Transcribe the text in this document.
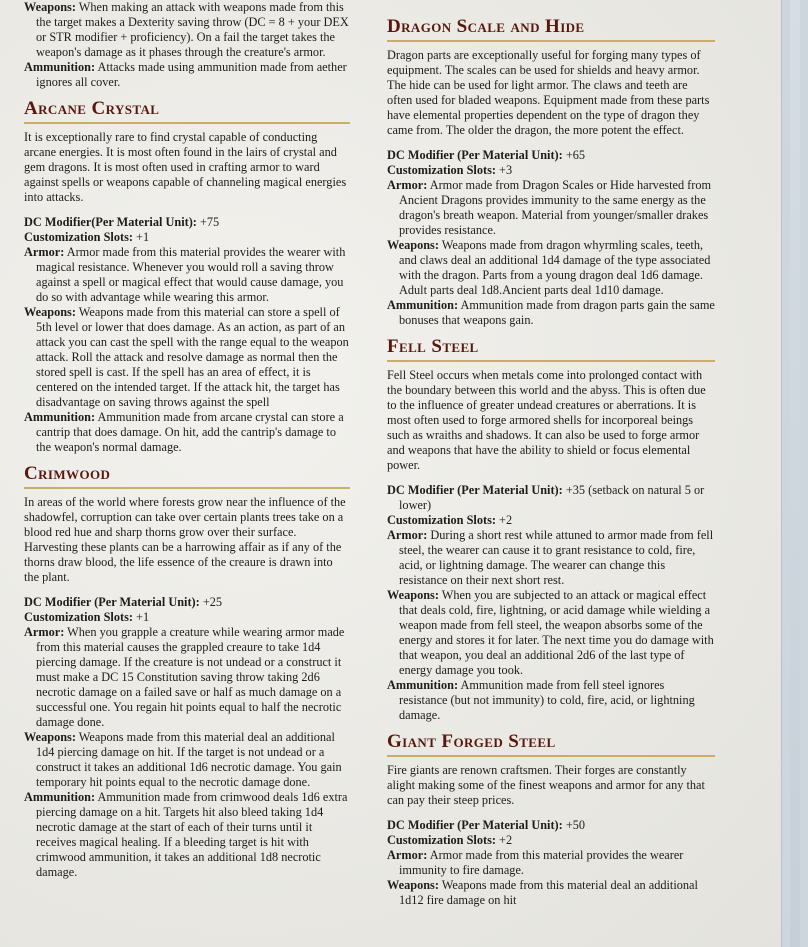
Weapons: When making an attack with weapons made from this the target makes a Dexterity saving throw (DC = 8 + your DEX or STR modifier + proficiency). On a fail the target takes the weapon's damage as it phases through the creature's armor.

Ammunition: Attacks made using ammunition made from aether ignores all cover.

Arcane Crystal

It is exceptionally rare to find crystal capable of conducting arcane energies. It is most often found in the lairs of crystal and gem dragons. It is most often used in crafting armor to ward against spells or weapons capable of channeling magical energies into attacks.

DC Modifier(Per Material Unit): +75

Customization Slots: +1

Armor: Armor made from this material provides the wearer with magical resistance. Whenever you would roll a saving throw against a spell or magical effect that would cause damage, you do so with advantage while wearing this armor.

Weapons: Weapons made from this material can store a spell of 5th level or lower that does damage. As an action, as part of an attack you can cast the spell with the range equal to the weapon attack. Roll the attack and resolve damage as normal then the stored spell is cast. If the spell has an area of effect, it is centered on the intended target. If the attack hit, the target has disadvantage on saving throws against the spell

Ammunition: Ammunition made from arcane crystal can store a cantrip that does damage. On hit, add the cantrip's damage to the weapon's normal damage.

Crimwood

In areas of the world where forests grow near the influence of the shadowfel, corruption can take over certain plants trees take on a blood red hue and sharp thorns grow over their surface. Harvesting these plants can be a harrowing affair as if any of the thorns draw blood, the life essence of the creaure is drawn into the plant.

DC Modifier (Per Material Unit): +25

Customization Slots: +1

Armor: When you grapple a creature while wearing armor made from this material causes the grappled creaure to take 1d4 piercing damage. If the creature is not undead or a construct it must make a DC 15 Constitution saving throw taking 2d6 necrotic damage on a failed save or half as much damage on a successful one. You regain hit points equal to half the necrotic damage done.

Weapons: Weapons made from this material deal an additional 1d4 piercing damage on hit. If the target is not undead or a construct it takes an additional 1d6 necrotic damage. You gain temporary hit points equal to the necrotic damage done.

Ammunition: Ammunition made from crimwood deals 1d6 extra piercing damage on a hit. Targets hit also bleed taking 1d4 necrotic damage at the start of each of their turns until it receives magical healing. If a bleeding target is hit with crimwood ammunition, it takes an additional 1d8 necrotic damage.

Dragon Scale and Hide

Dragon parts are exceptionally useful for forging many types of equipment. The scales can be used for shields and heavy armor. The hide can be used for light armor. The claws and teeth are often used for bladed weapons. Equipment made from these parts have elemental properties dependent on the type of dragon they came from. The older the dragon, the more potent the effect.

DC Modifier (Per Material Unit): +65

Customization Slots: +3

Armor: Armor made from Dragon Scales or Hide harvested from Ancient Dragons provides immunity to the same energy as the dragon's breath weapon. Material from younger/smaller drakes provides resistance.

Weapons: Weapons made from dragon whyrmling scales, teeth, and claws deal an additional 1d4 damage of the type associated with the dragon. Parts from a young dragon deal 1d6 damage. Adult parts deal 1d8.Ancient parts deal 1d10 damage.

Ammunition: Ammunition made from dragon parts gain the same bonuses that weapons gain.

Fell Steel

Fell Steel occurs when metals come into prolonged contact with the boundary between this world and the abyss. This is often due to the influence of greater undead creatures or aberrations. It is most often used to forge armored shells for incorporeal beings such as wraiths and shadows. It can also be used to forge armor and weapons that have the ability to shield or focus elemental power.

DC Modifier (Per Material Unit): +35 (setback on natural 5 or lower)

Customization Slots: +2

Armor: During a short rest while attuned to armor made from fell steel, the wearer can cause it to grant resistance to cold, fire, acid, or lightning damage. The wearer can change this resistance on their next short rest.

Weapons: When you are subjected to an attack or magical effect that deals cold, fire, lightning, or acid damage while wielding a weapon made from fell steel, the weapon absorbs some of the energy and stores it for later. The next time you do damage with that weapon, you deal an additional 2d6 of the last type of energy damage you took.

Ammunition: Ammunition made from fell steel ignores resistance (but not immunity) to cold, fire, acid, or lightning damage.

Giant Forged Steel

Fire giants are renown craftsmen. Their forges are constantly alight making some of the finest weapons and armor for any that can pay their steep prices.

DC Modifier (Per Material Unit): +50

Customization Slots: +2

Armor: Armor made from this material provides the wearer immunity to fire damage.

Weapons: Weapons made from this material deal an additional 1d12 fire damage on hit
